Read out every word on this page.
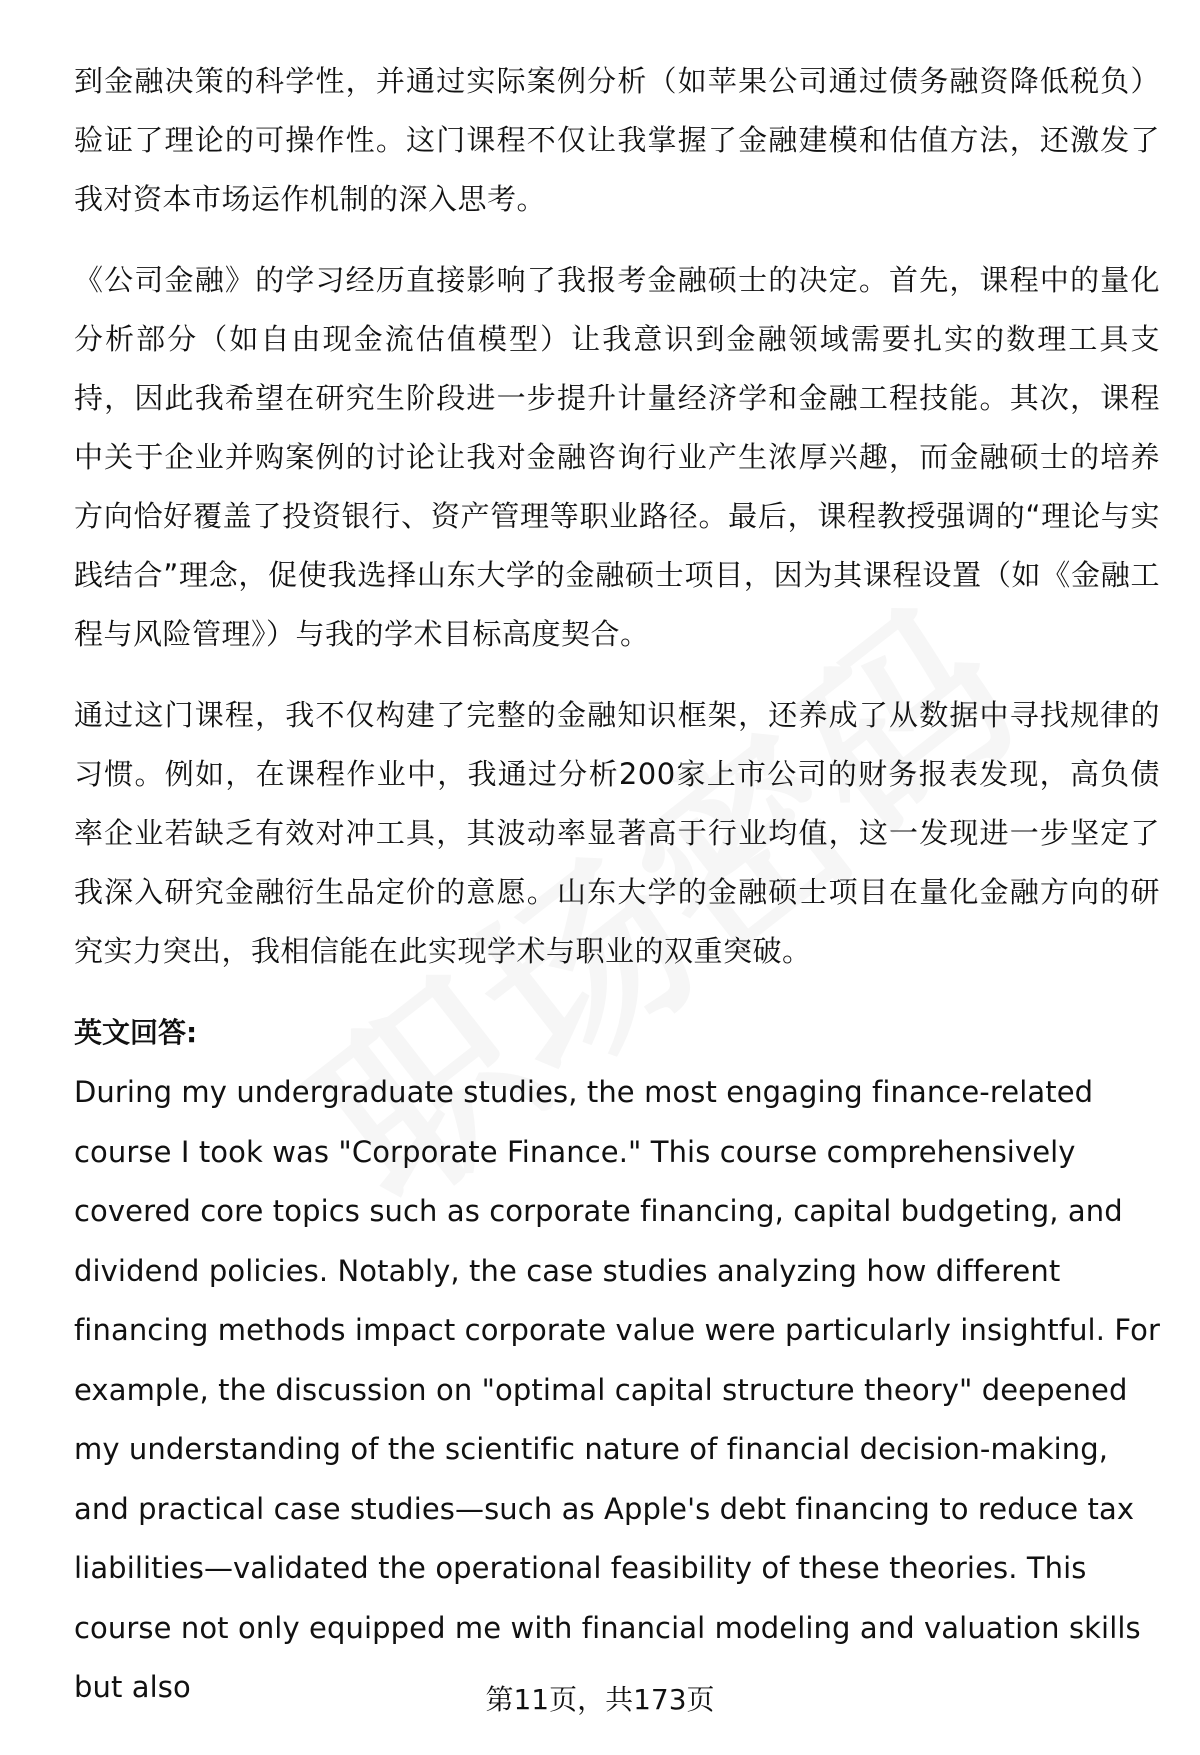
到金融决策的科学性，并通过实际案例分析（如苹果公司通过债务融资降低税负）验证了理论的可操作性。这门课程不仅让我掌握了金融建模和估值方法，还激发了我对资本市场运作机制的深入思考。

《公司金融》的学习经历直接影响了我报考金融硕士的决定。首先，课程中的量化分析部分（如自由现金流估值模型）让我意识到金融领域需要扎实的数理工具支持，因此我希望在研究生阶段进一步提升计量经济学和金融工程技能。其次，课程中关于企业并购案例的讨论让我对金融咨询行业产生浓厚兴趣，而金融硕士的培养方向恰好覆盖了投资银行、资产管理等职业路径。最后，课程教授强调的“理论与实践结合”理念，促使我选择山东大学的金融硕士项目，因为其课程设置（如《金融工程与风险管理》）与我的学术目标高度契合。

通过这门课程，我不仅构建了完整的金融知识框架，还养成了从数据中寻找规律的习惯。例如，在课程作业中，我通过分析200家上市公司的财务报表发现，高负债率企业若缺乏有效对冲工具，其波动率显著高于行业均值，这一发现进一步坚定了我深入研究金融衍生品定价的意愿。山东大学的金融硕士项目在量化金融方向的研究实力突出，我相信能在此实现学术与职业的双重突破。

英文回答:

During my undergraduate studies, the most engaging finance-related course I took was "Corporate Finance." This course comprehensively covered core topics such as corporate financing, capital budgeting, and dividend policies. Notably, the case studies analyzing how different financing methods impact corporate value were particularly insightful. For example, the discussion on "optimal capital structure theory" deepened my understanding of the scientific nature of financial decision-making, and practical case studies—such as Apple's debt financing to reduce tax liabilities—validated the operational feasibility of these theories. This course not only equipped me with financial modeling and valuation skills but also	第11页，共173页
